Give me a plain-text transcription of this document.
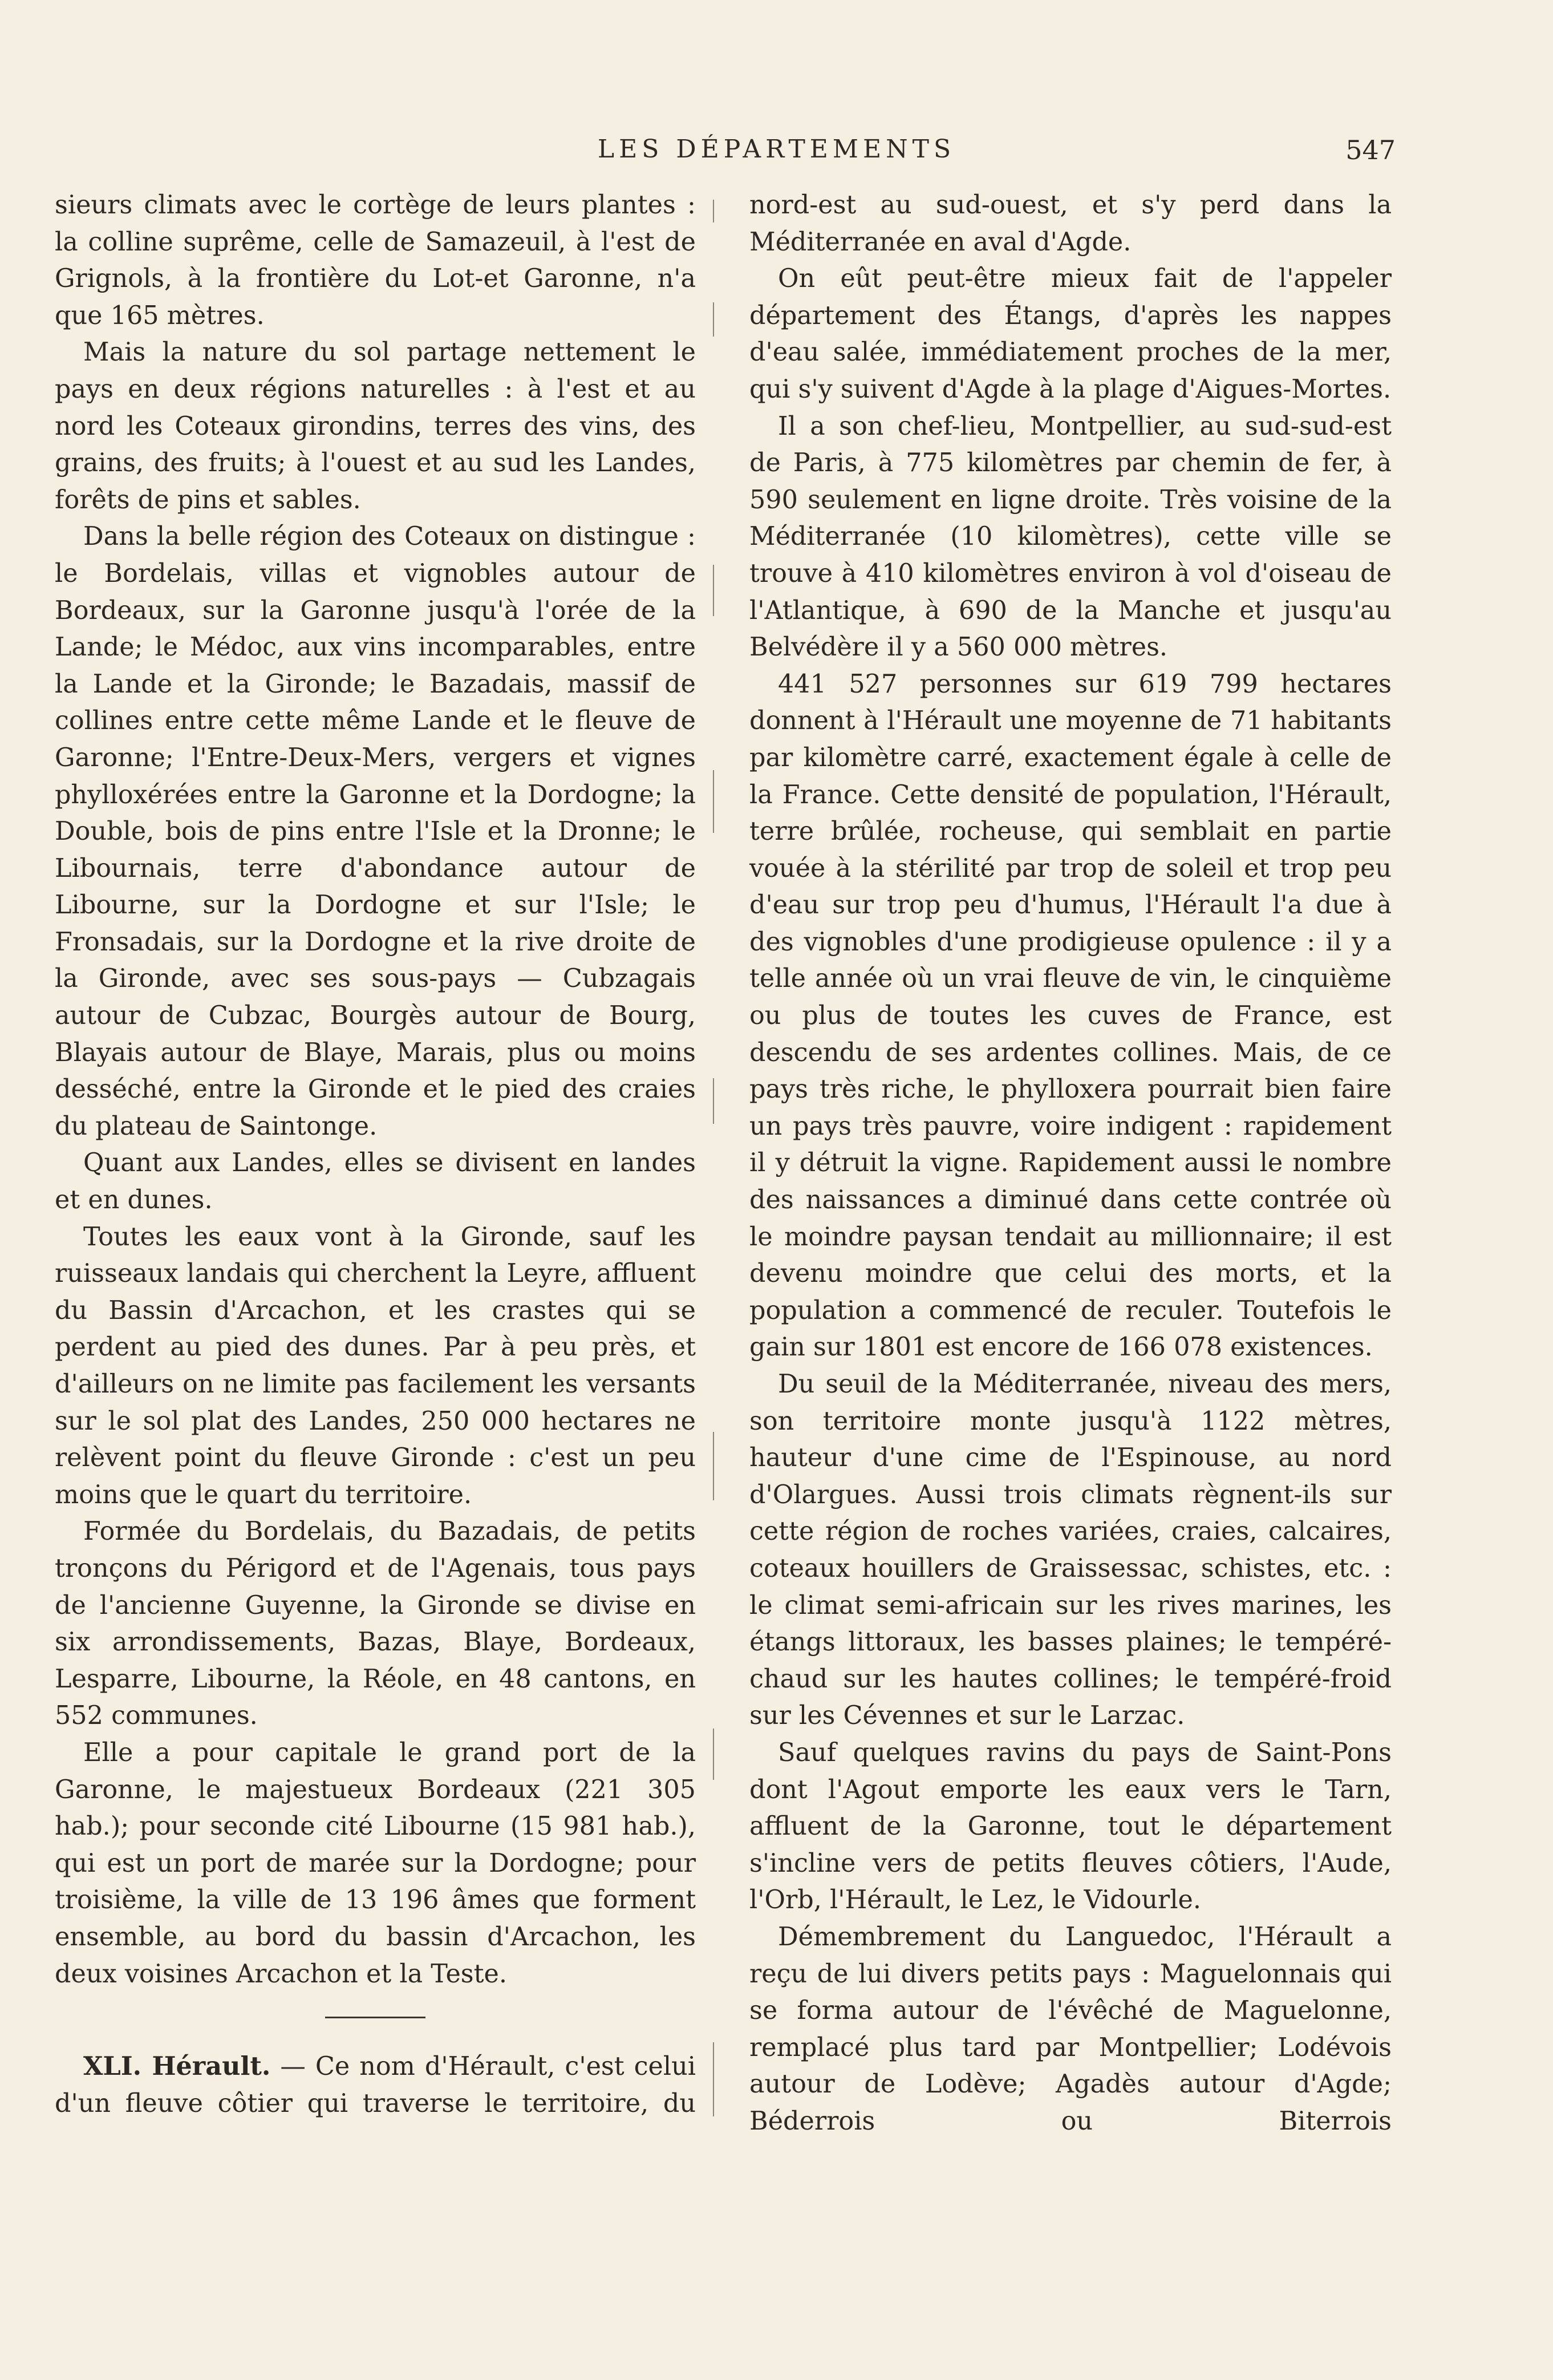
LES DÉPARTEMENTS	547

sieurs climats avec le cortège de leurs plantes : la colline suprême, celle de Samazeuil, à l'est de Grignols, à la frontière du Lot-et Garonne, n'a que 165 mètres.

Mais la nature du sol partage nettement le pays en deux régions naturelles : à l'est et au nord les Coteaux girondins, terres des vins, des grains, des fruits; à l'ouest et au sud les Landes, forêts de pins et sables.

Dans la belle région des Coteaux on distingue : le Bordelais, villas et vignobles autour de Bordeaux, sur la Garonne jusqu'à l'orée de la Lande; le Médoc, aux vins incomparables, entre la Lande et la Gironde; le Bazadais, massif de collines entre cette même Lande et le fleuve de Garonne; l'Entre-Deux-Mers, vergers et vignes phylloxérées entre la Garonne et la Dordogne; la Double, bois de pins entre l'Isle et la Dronne; le Libournais, terre d'abondance autour de Libourne, sur la Dordogne et sur l'Isle; le Fronsadais, sur la Dordogne et la rive droite de la Gironde, avec ses sous-pays — Cubzagais autour de Cubzac, Bourgès autour de Bourg, Blayais autour de Blaye, Marais, plus ou moins desséché, entre la Gironde et le pied des craies du plateau de Saintonge.

Quant aux Landes, elles se divisent en landes et en dunes.

Toutes les eaux vont à la Gironde, sauf les ruisseaux landais qui cherchent la Leyre, affluent du Bassin d'Arcachon, et les crastes qui se perdent au pied des dunes. Par à peu près, et d'ailleurs on ne limite pas facilement les versants sur le sol plat des Landes, 250 000 hectares ne relèvent point du fleuve Gironde : c'est un peu moins que le quart du territoire.

Formée du Bordelais, du Bazadais, de petits tronçons du Périgord et de l'Agenais, tous pays de l'ancienne Guyenne, la Gironde se divise en six arrondissements, Bazas, Blaye, Bordeaux, Lesparre, Libourne, la Réole, en 48 cantons, en 552 communes.

Elle a pour capitale le grand port de la Garonne, le majestueux Bordeaux (221 305 hab.); pour seconde cité Libourne (15 981 hab.), qui est un port de marée sur la Dordogne; pour troisième, la ville de 13 196 âmes que forment ensemble, au bord du bassin d'Arcachon, les deux voisines Arcachon et la Teste.

XLI. Hérault. — Ce nom d'Hérault, c'est celui d'un fleuve côtier qui traverse le territoire, du

nord-est au sud-ouest, et s'y perd dans la Méditerranée en aval d'Agde.

On eût peut-être mieux fait de l'appeler département des Étangs, d'après les nappes d'eau salée, immédiatement proches de la mer, qui s'y suivent d'Agde à la plage d'Aigues-Mortes.

Il a son chef-lieu, Montpellier, au sud-sud-est de Paris, à 775 kilomètres par chemin de fer, à 590 seulement en ligne droite. Très voisine de la Méditerranée (10 kilomètres), cette ville se trouve à 410 kilomètres environ à vol d'oiseau de l'Atlantique, à 690 de la Manche et jusqu'au Belvédère il y a 560 000 mètres.

441 527 personnes sur 619 799 hectares donnent à l'Hérault une moyenne de 71 habitants par kilomètre carré, exactement égale à celle de la France. Cette densité de population, l'Hérault, terre brûlée, rocheuse, qui semblait en partie vouée à la stérilité par trop de soleil et trop peu d'eau sur trop peu d'humus, l'Hérault l'a due à des vignobles d'une prodigieuse opulence : il y a telle année où un vrai fleuve de vin, le cinquième ou plus de toutes les cuves de France, est descendu de ses ardentes collines. Mais, de ce pays très riche, le phylloxera pourrait bien faire un pays très pauvre, voire indigent : rapidement il y détruit la vigne. Rapidement aussi le nombre des naissances a diminué dans cette contrée où le moindre paysan tendait au millionnaire; il est devenu moindre que celui des morts, et la population a commencé de reculer. Toutefois le gain sur 1801 est encore de 166 078 existences.

Du seuil de la Méditerranée, niveau des mers, son territoire monte jusqu'à 1122 mètres, hauteur d'une cime de l'Espinouse, au nord d'Olargues. Aussi trois climats règnent-ils sur cette région de roches variées, craies, calcaires, coteaux houillers de Graissessac, schistes, etc. : le climat semi-africain sur les rives marines, les étangs littoraux, les basses plaines; le tempéré-chaud sur les hautes collines; le tempéré-froid sur les Cévennes et sur le Larzac.

Sauf quelques ravins du pays de Saint-Pons dont l'Agout emporte les eaux vers le Tarn, affluent de la Garonne, tout le département s'incline vers de petits fleuves côtiers, l'Aude, l'Orb, l'Hérault, le Lez, le Vidourle.

Démembrement du Languedoc, l'Hérault a reçu de lui divers petits pays : Maguelonnais qui se forma autour de l'évêché de Maguelonne, remplacé plus tard par Montpellier; Lodévois autour de Lodève; Agadès autour d'Agde; Béderrois ou Biterrois
